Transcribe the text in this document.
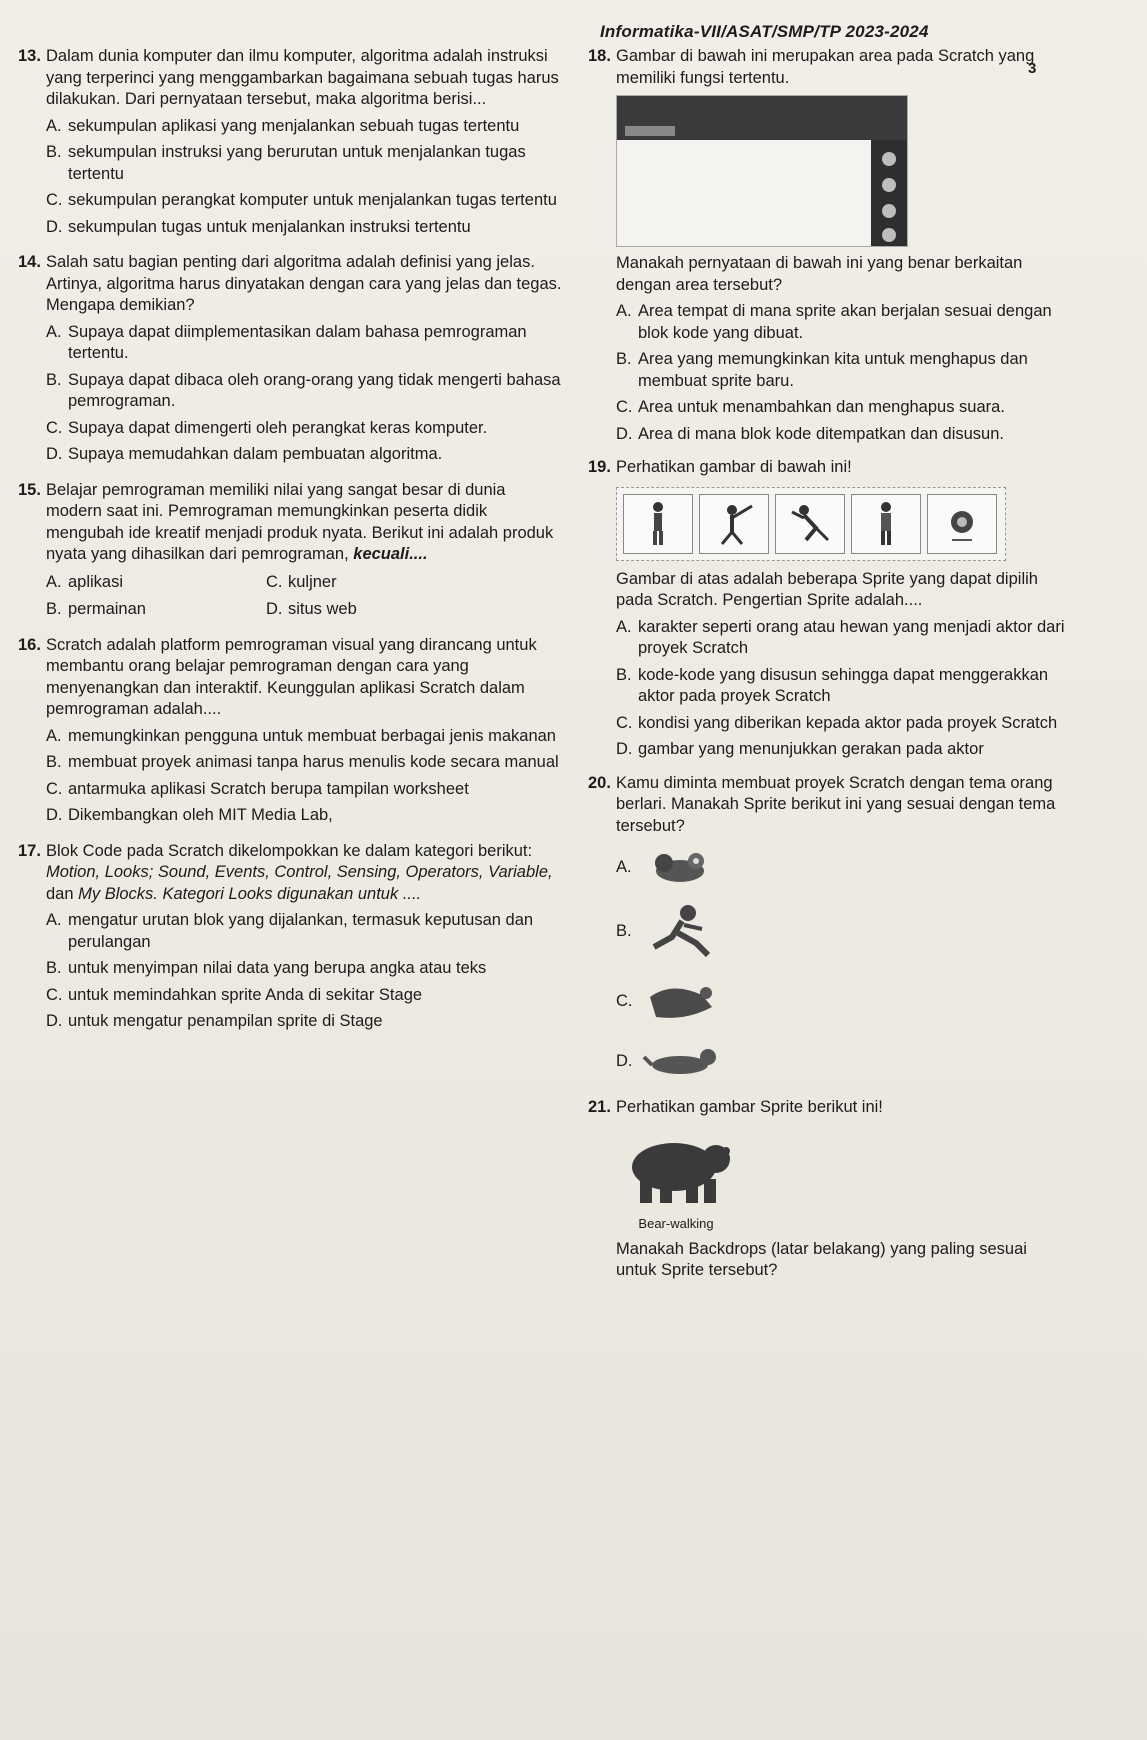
Informatika-VII/ASAT/SMP/TP 2023-2024
3
13. Dalam dunia komputer dan ilmu komputer, algoritma adalah instruksi yang terperinci yang menggambarkan bagaimana sebuah tugas harus dilakukan. Dari pernyataan tersebut, maka algoritma berisi...
A. sekumpulan aplikasi yang menjalankan sebuah tugas tertentu
B. sekumpulan instruksi yang berurutan untuk menjalankan tugas tertentu
C. sekumpulan perangkat komputer untuk menjalankan tugas tertentu
D. sekumpulan tugas untuk menjalankan instruksi tertentu
14. Salah satu bagian penting dari algoritma adalah definisi yang jelas. Artinya, algoritma harus dinyatakan dengan cara yang jelas dan tegas. Mengapa demikian?
A. Supaya dapat diimplementasikan dalam bahasa pemrograman tertentu.
B. Supaya dapat dibaca oleh orang-orang yang tidak mengerti bahasa pemrograman.
C. Supaya dapat dimengerti oleh perangkat keras komputer.
D. Supaya memudahkan dalam pembuatan algoritma.
15. Belajar pemrograman memiliki nilai yang sangat besar di dunia modern saat ini. Pemrograman memungkinkan peserta didik mengubah ide kreatif menjadi produk nyata. Berikut ini adalah produk nyata yang dihasilkan dari pemrograman, kecuali....
A. aplikasi	C. kuljner
B. permainan	D. situs web
16. Scratch adalah platform pemrograman visual yang dirancang untuk membantu orang belajar pemrograman dengan cara yang menyenangkan dan interaktif. Keunggulan aplikasi Scratch dalam pemrograman adalah....
A. memungkinkan pengguna untuk membuat berbagai jenis makanan
B. membuat proyek animasi tanpa harus menulis kode secara manual
C. antarmuka aplikasi Scratch berupa tampilan worksheet
D. Dikembangkan oleh MIT Media Lab,
17. Blok Code pada Scratch dikelompokkan ke dalam kategori berikut: Motion, Looks; Sound, Events, Control, Sensing, Operators, Variable, dan My Blocks. Kategori Looks digunakan untuk ....
A. mengatur urutan blok yang dijalankan, termasuk keputusan dan perulangan
B. untuk menyimpan nilai data yang berupa angka atau teks
C. untuk memindahkan sprite Anda di sekitar Stage
D. untuk mengatur penampilan sprite di Stage
18. Gambar di bawah ini merupakan area pada Scratch yang memiliki fungsi tertentu.
Manakah pernyataan di bawah ini yang benar berkaitan dengan area tersebut?
A. Area tempat di mana sprite akan berjalan sesuai dengan blok kode yang dibuat.
B. Area yang memungkinkan kita untuk menghapus dan membuat sprite baru.
C. Area untuk menambahkan dan menghapus suara.
D. Area di mana blok kode ditempatkan dan disusun.
19. Perhatikan gambar di bawah ini!
Gambar di atas adalah beberapa Sprite yang dapat dipilih pada Scratch. Pengertian Sprite adalah....
A. karakter seperti orang atau hewan yang menjadi aktor dari proyek Scratch
B. kode-kode yang disusun sehingga dapat menggerakkan aktor pada proyek Scratch
C. kondisi yang diberikan kepada aktor pada proyek Scratch
D. gambar yang menunjukkan gerakan pada aktor
20. Kamu diminta membuat proyek Scratch dengan tema orang berlari. Manakah Sprite berikut ini yang sesuai dengan tema tersebut?
A.
B.
C.
D.
21. Perhatikan gambar Sprite berikut ini!
Bear-walking
Manakah Backdrops (latar belakang) yang paling sesuai untuk Sprite tersebut?
